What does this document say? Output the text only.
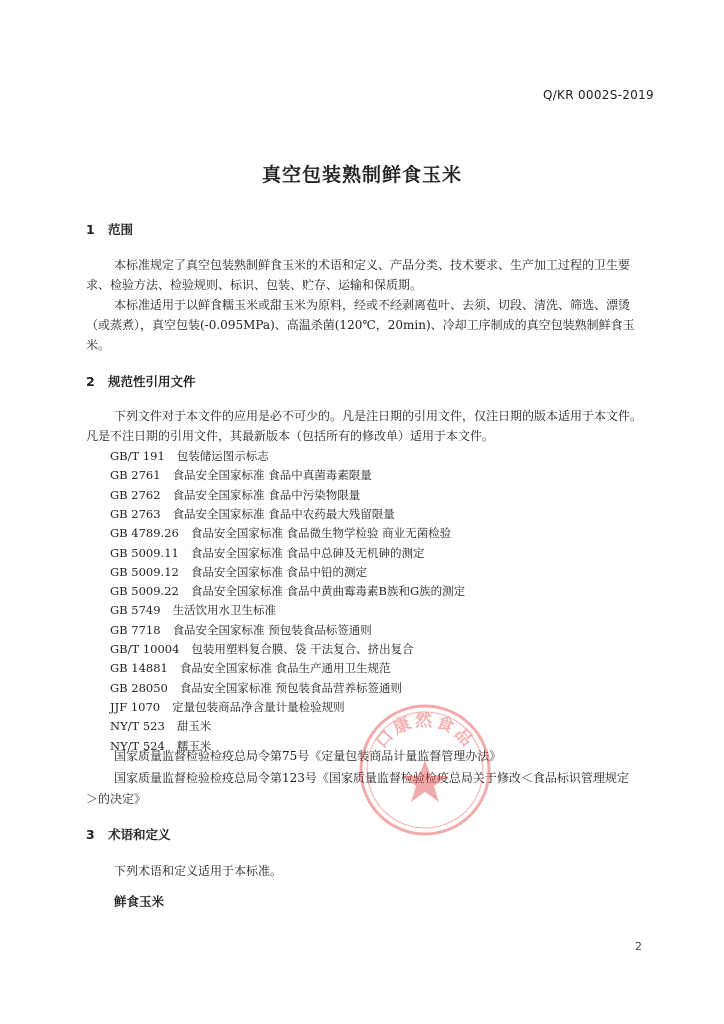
Q/KR 0002S-2019
真空包装熟制鲜食玉米
1 范围
本标准规定了真空包装熟制鲜食玉米的术语和定义、产品分类、技术要求、生产加工过程的卫生要
求、检验方法、检验规则、标识、包装、贮存、运输和保质期。
本标准适用于以鲜食糯玉米或甜玉米为原料，经或不经剥离苞叶、去须、切段、清洗、筛选、漂烫
（或蒸煮），真空包装(-0.095MPa)、高温杀菌(120℃，20min)、冷却工序制成的真空包装熟制鲜食玉
米。
2 规范性引用文件
下列文件对于本文件的应用是必不可少的。凡是注日期的引用文件，仅注日期的版本适用于本文件。
凡是不注日期的引用文件，其最新版本（包括所有的修改单）适用于本文件。
GB/T 191 包装储运图示标志
GB 2761 食品安全国家标准 食品中真菌毒素限量
GB 2762 食品安全国家标准 食品中污染物限量
GB 2763 食品安全国家标准 食品中农药最大残留限量
GB 4789.26 食品安全国家标准 食品微生物学检验 商业无菌检验
GB 5009.11 食品安全国家标准 食品中总砷及无机砷的测定
GB 5009.12 食品安全国家标准 食品中铅的测定
GB 5009.22 食品安全国家标准 食品中黄曲霉毒素B族和G族的测定
GB 5749 生活饮用水卫生标准
GB 7718 食品安全国家标准 预包装食品标签通则
GB/T 10004 包装用塑料复合膜、袋 干法复合、挤出复合
GB 14881 食品安全国家标准 食品生产通用卫生规范
GB 28050 食品安全国家标准 预包装食品营养标签通则
JJF 1070 定量包装商品净含量计量检验规则
NY/T 523 甜玉米
NY/T 524 糯玉米
国家质量监督检验检疫总局令第75号《定量包装商品计量监督管理办法》
国家质量监督检验检疫总局令第123号《国家质量监督检验检疫总局关于修改＜食品标识管理规定
＞的决定》
3 术语和定义
下列术语和定义适用于本标准。
鲜食玉米
2
口康然食品
